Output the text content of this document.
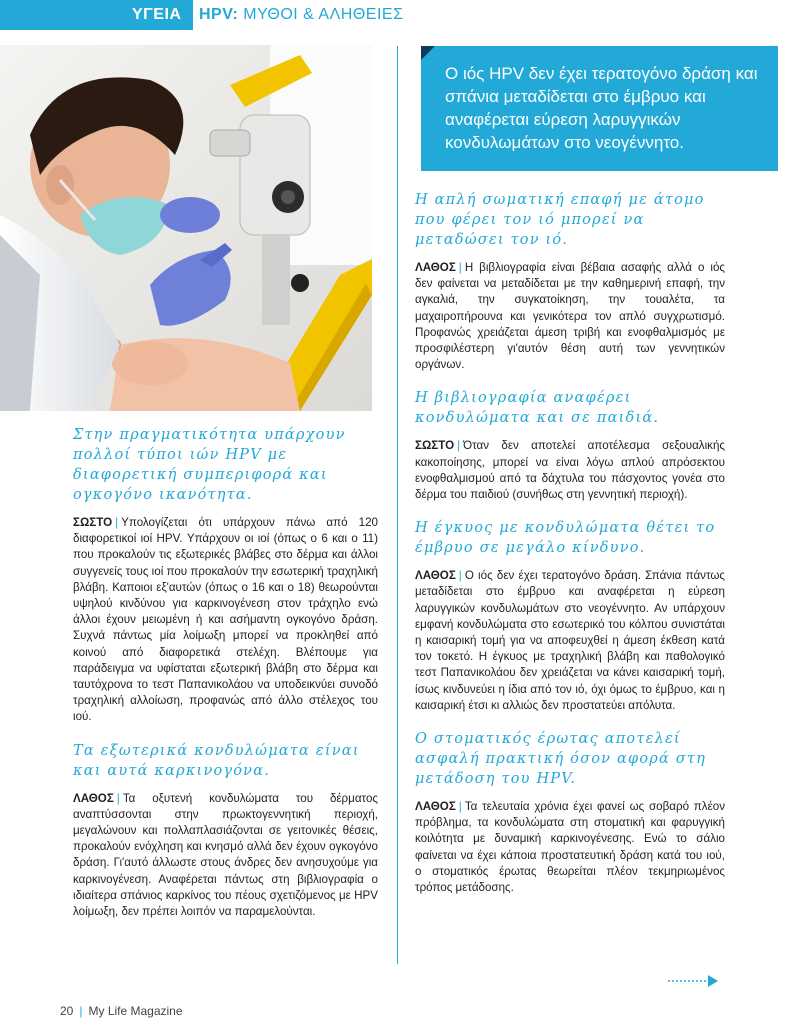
ΥΓΕΙΑ	HPV: ΜΥΘΟΙ & ΑΛΗΘΕΙΕΣ
Ο ιός HPV δεν έχει τερατογόνο δράση και σπάνια μεταδίδεται στο έμβρυο και αναφέρεται εύρεση λαρυγγικών κονδυλωμάτων στο νεογέννητο.
Στην πραγματικότητα υπάρχουν πολλοί τύποι ιών HPV με διαφορετική συμπεριφορά και ογκογόνο ικανότητα.

ΣΩΣΤΟ | Υπολογίζεται ότι υπάρχουν πάνω από 120 διαφορετικοί ιοί HPV. Υπάρχουν οι ιοί (όπως ο 6 και ο 11) που προκαλούν τις εξωτερικές βλάβες στο δέρμα και άλλοι συγγενείς τους ιοί που προκαλούν την εσωτερική τραχηλική βλάβη. Καποιοι εξ'αυτών (όπως ο 16 και ο 18) θεωρούνται υψηλού κινδύνου για καρκινογένεση στον τράχηλο ενώ άλλοι έχουν μειωμένη ή και ασήμαντη ογκογόνο δράση. Συχνά πάντως μία λοίμωξη μπορεί να προκληθεί από κοινού από διαφορετικά στελέχη. Βλέπουμε για παράδειγμα να υφίσταται εξωτερική βλάβη στο δέρμα και ταυτόχρονα το τεστ Παπανικολάου να υποδεικνύει συνοδό τραχηλική αλλοίωση, προφανώς από άλλο στέλεχος του ιού.

Τα εξωτερικά κονδυλώματα είναι και αυτά καρκινογόνα.

ΛΑΘΟΣ | Τα οξυτενή κονδυλώματα του δέρματος αναπτύσσονται στην πρωκτογεννητική περιοχή, μεγαλώνουν και πολλαπλασιάζονται σε γειτονικές θέσεις, προκαλούν ενόχληση και κνησμό αλλά δεν έχουν ογκογόνο δράση. Γι'αυτό άλλωστε στους άνδρες δεν ανησυχούμε για καρκινογένεση. Αναφέρεται πάντως στη βιβλιογραφία ο ιδιαίτερα σπάνιος καρκίνος του πέους σχετιζόμενος με HPV λοίμωξη, δεν πρέπει λοιπόν να παραμελούνται.

Η απλή σωματική επαφή με άτομο που φέρει τον ιό μπορεί να μεταδώσει τον ιό.

ΛΑΘΟΣ | Η βιβλιογραφία είναι βέβαια ασαφής αλλά ο ιός δεν φαίνεται να μεταδίδεται με την καθημερινή επαφή, την αγκαλιά, την συγκατοίκηση, την τουαλέτα, τα μαχαιροπήρουνα και γενικότερα τον απλό συγχρωτισμό. Προφανώς χρειάζεται άμεση τριβή και ενοφθαλμισμός με προσφιλέστερη γι'αυτόν θέση αυτή των γεννητικών οργάνων.

Η βιβλιογραφία αναφέρει κονδυλώματα και σε παιδιά.

ΣΩΣΤΟ | Όταν δεν αποτελεί αποτέλεσμα σεξουαλικής κακοποίησης, μπορεί να είναι λόγω απλού απρόσεκτου ενοφθαλμισμού από τα δάχτυλα του πάσχοντος γονέα στο δέρμα του παιδιού (συνήθως στη γεννητική περιοχή).

Η έγκυος με κονδυλώματα θέτει το έμβρυο σε μεγάλο κίνδυνο.

ΛΑΘΟΣ | Ο ιός δεν έχει τερατογόνο δράση. Σπάνια πάντως μεταδίδεται στο έμβρυο και αναφέρεται η εύρεση λαρυγγικών κονδυλωμάτων στο νεογέννητο. Αν υπάρχουν εμφανή κονδυλώματα στο εσωτερικό του κόλπου συνιστάται η καισαρική τομή για να αποφευχθεί η άμεση έκθεση κατά τον τοκετό. Η έγκυος με τραχηλική βλάβη και παθολογικό τεστ Παπανικολάου δεν χρειάζεται να κάνει καισαρική τομή, ίσως κινδυνεύει η ίδια από τον ιό, όχι όμως το έμβρυο, και η καισαρική έτσι κι αλλιώς δεν προστατεύει απόλυτα.

Ο στοματικός έρωτας αποτελεί ασφαλή πρακτική όσον αφορά στη μετάδοση του HPV.

ΛΑΘΟΣ | Τα τελευταία χρόνια έχει φανεί ως σοβαρό πλέον πρόβλημα, τα κονδυλώματα στη στοματική και φαρυγγική κοιλότητα με δυναμική καρκινογένεσης. Ενώ το σάλιο φαίνεται να έχει κάποια προστατευτική δράση κατά του ιού, ο στοματικός έρωτας θεωρείται πλέον τεκμηριωμένος τρόπος μετάδοσης.

20 | My Life Magazine
